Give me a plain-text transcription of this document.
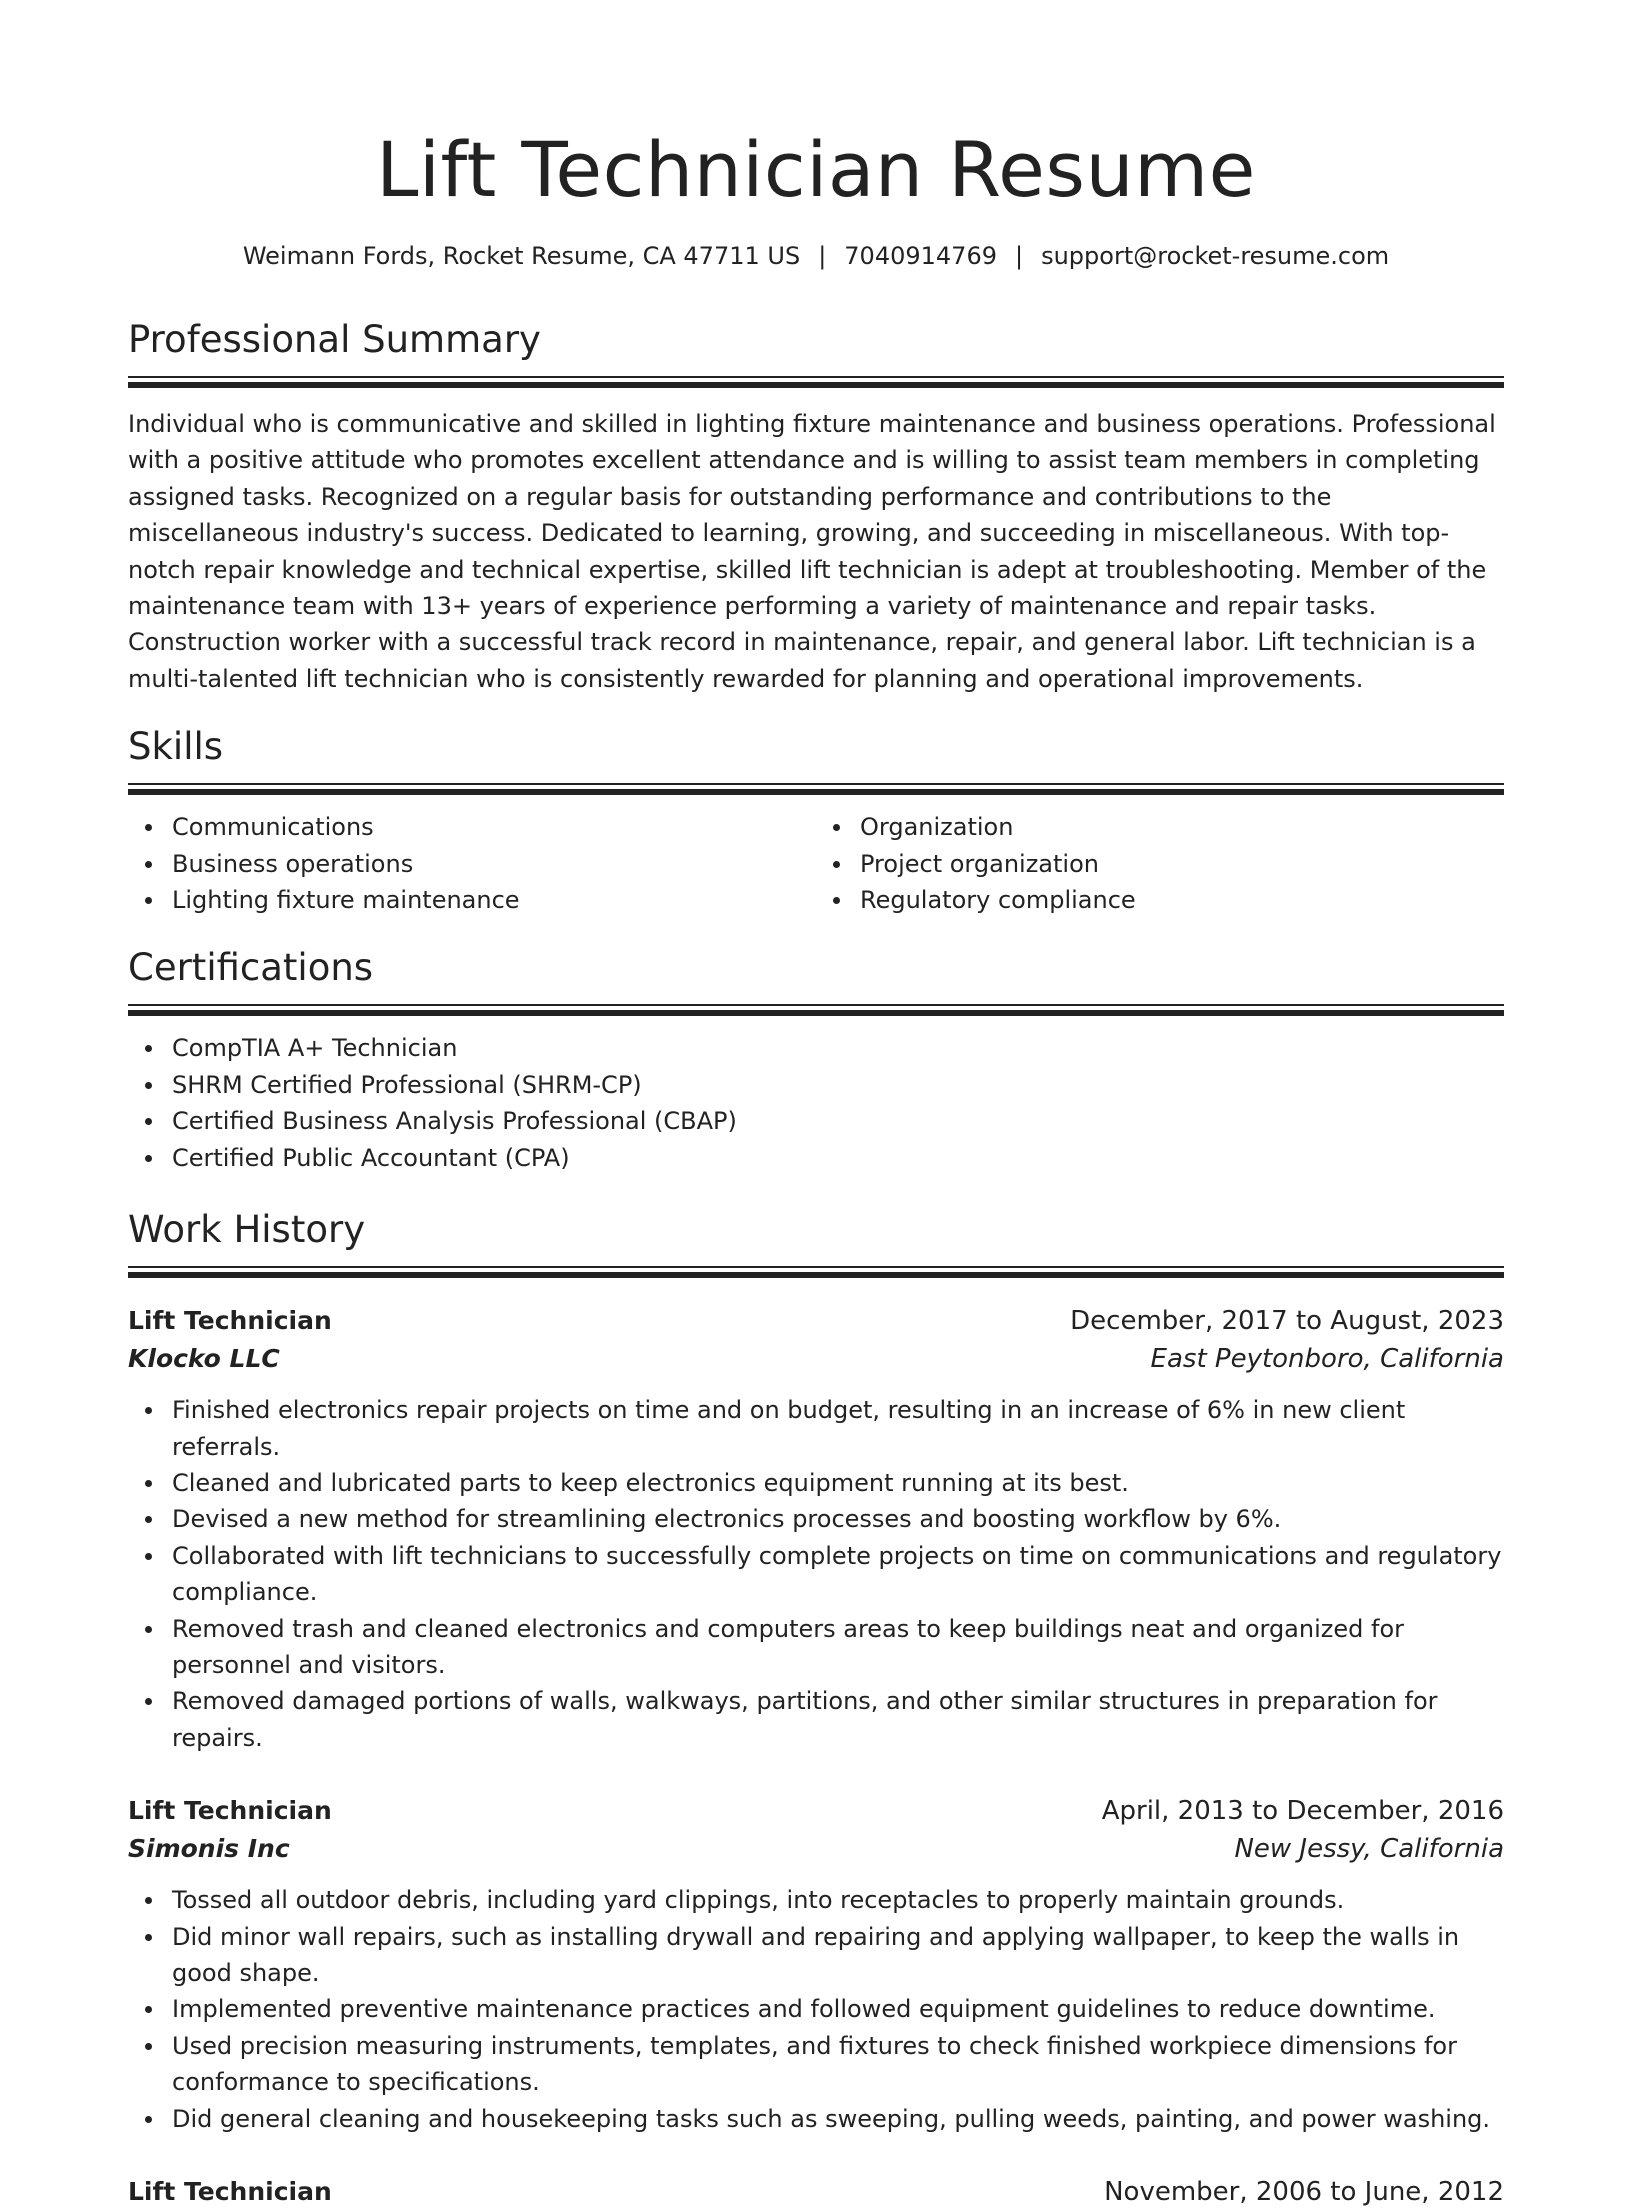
Lift Technician Resume
Weimann Fords, Rocket Resume, CA 47711 US | 7040914769 | support@rocket-resume.com
Professional Summary

Individual who is communicative and skilled in lighting fixture maintenance and business operations. Professional with a positive attitude who promotes excellent attendance and is willing to assist team members in completing assigned tasks. Recognized on a regular basis for outstanding performance and contributions to the miscellaneous industry's success. Dedicated to learning, growing, and succeeding in miscellaneous. With top-notch repair knowledge and technical expertise, skilled lift technician is adept at troubleshooting. Member of the maintenance team with 13+ years of experience performing a variety of maintenance and repair tasks. Construction worker with a successful track record in maintenance, repair, and general labor. Lift technician is a multi-talented lift technician who is consistently rewarded for planning and operational improvements.

Skills
Communications
Business operations
Lighting fixture maintenance
Organization
Project organization
Regulatory compliance
Certifications
CompTIA A+ Technician
SHRM Certified Professional (SHRM-CP)
Certified Business Analysis Professional (CBAP)
Certified Public Accountant (CPA)
Work History
Lift Technician	December, 2017 to August, 2023
Klocko LLC	East Peytonboro, California
Finished electronics repair projects on time and on budget, resulting in an increase of 6% in new client referrals.
Cleaned and lubricated parts to keep electronics equipment running at its best.
Devised a new method for streamlining electronics processes and boosting workflow by 6%.
Collaborated with lift technicians to successfully complete projects on time on communications and regulatory compliance.
Removed trash and cleaned electronics and computers areas to keep buildings neat and organized for personnel and visitors.
Removed damaged portions of walls, walkways, partitions, and other similar structures in preparation for repairs.
Lift Technician	April, 2013 to December, 2016
Simonis Inc	New Jessy, California
Tossed all outdoor debris, including yard clippings, into receptacles to properly maintain grounds.
Did minor wall repairs, such as installing drywall and repairing and applying wallpaper, to keep the walls in good shape.
Implemented preventive maintenance practices and followed equipment guidelines to reduce downtime.
Used precision measuring instruments, templates, and fixtures to check finished workpiece dimensions for conformance to specifications.
Did general cleaning and housekeeping tasks such as sweeping, pulling weeds, painting, and power washing.
Lift Technician	November, 2006 to June, 2012
